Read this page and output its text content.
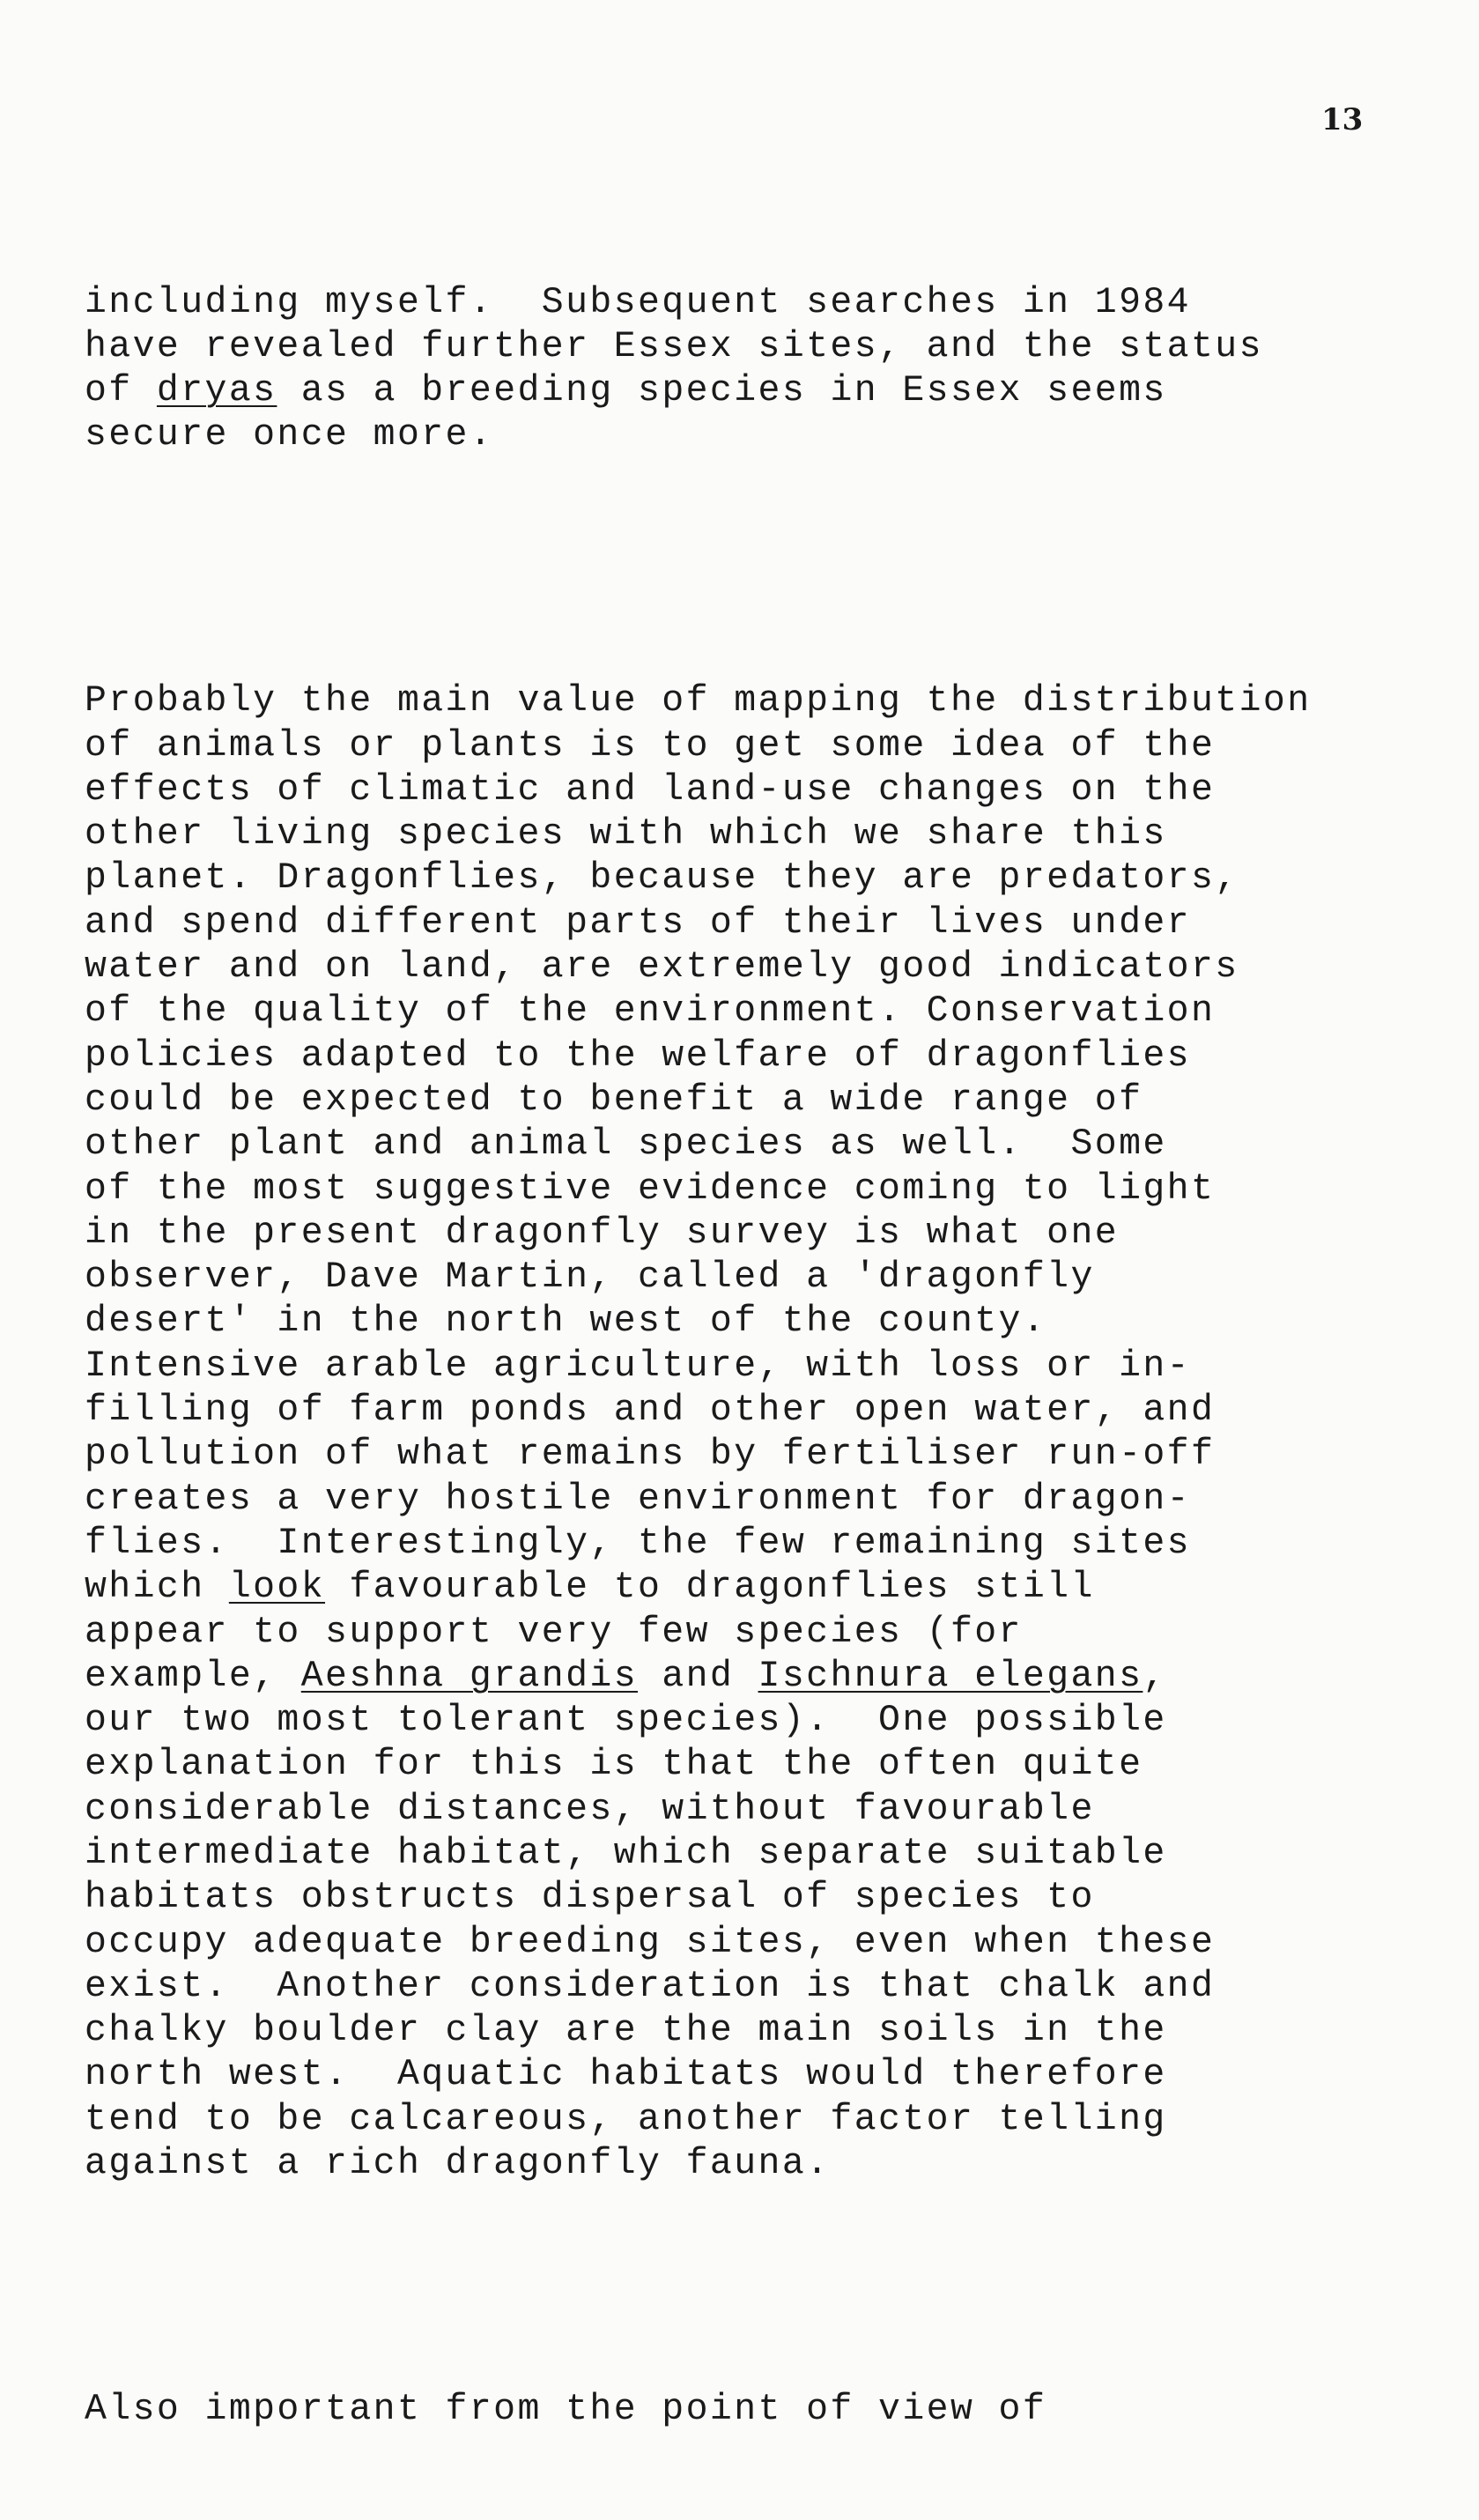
13

including myself.  Subsequent searches in 1984
have revealed further Essex sites, and the status
of dryas as a breeding species in Essex seems
secure once more.

Probably the main value of mapping the distribution
of animals or plants is to get some idea of the
effects of climatic and land-use changes on the
other living species with which we share this
planet. Dragonflies, because they are predators,
and spend different parts of their lives under
water and on land, are extremely good indicators
of the quality of the environment. Conservation
policies adapted to the welfare of dragonflies
could be expected to benefit a wide range of
other plant and animal species as well.  Some
of the most suggestive evidence coming to light
in the present dragonfly survey is what one
observer, Dave Martin, called a 'dragonfly
desert' in the north west of the county.
Intensive arable agriculture, with loss or in-
filling of farm ponds and other open water, and
pollution of what remains by fertiliser run-off
creates a very hostile environment for dragon-
flies.  Interestingly, the few remaining sites
which look favourable to dragonflies still
appear to support very few species (for
example, Aeshna grandis and Ischnura elegans,
our two most tolerant species).  One possible
explanation for this is that the often quite
considerable distances, without favourable
intermediate habitat, which separate suitable
habitats obstructs dispersal of species to
occupy adequate breeding sites, even when these
exist.  Another consideration is that chalk and
chalky boulder clay are the main soils in the
north west.  Aquatic habitats would therefore
tend to be calcareous, another factor telling
against a rich dragonfly fauna.

Also important from the point of view of
